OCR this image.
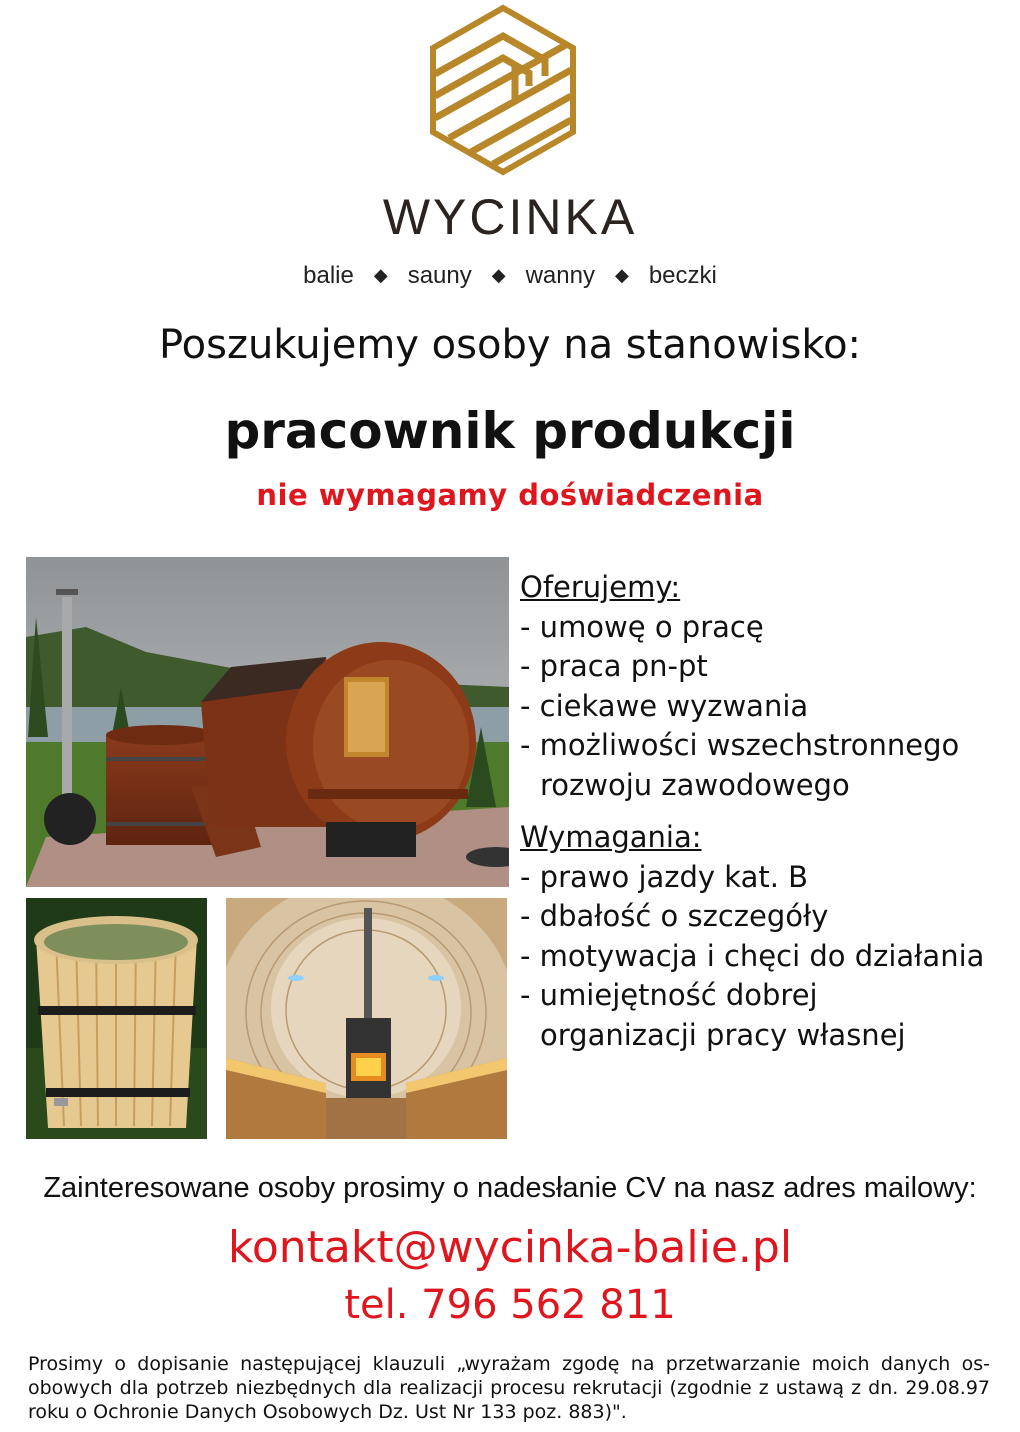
WYCINKA
balie ◆ sauny ◆ wanny ◆ beczki
Poszukujemy osoby na stanowisko:
pracownik produkcji
nie wymagamy doświadczenia
Oferujemy:
- umowę o pracę
- praca pn-pt
- ciekawe wyzwania
- możliwości wszechstronnego
rozwoju zawodowego
Wymagania:
- prawo jazdy kat. B
- dbałość o szczegóły
- motywacja i chęci do działania
- umiejętność dobrej
organizacji pracy własnej
Zainteresowane osoby prosimy o nadesłanie CV na nasz adres mailowy:
kontakt@wycinka-balie.pl
tel. 796 562 811
Prosimy o dopisanie następującej klauzuli „wyrażam zgodę na przetwarzanie moich danych os-obowych dla potrzeb niezbędnych dla realizacji procesu rekrutacji (zgodnie z ustawą z dn. 29.08.97 roku o Ochronie Danych Osobowych Dz. Ust Nr 133 poz. 883)".
